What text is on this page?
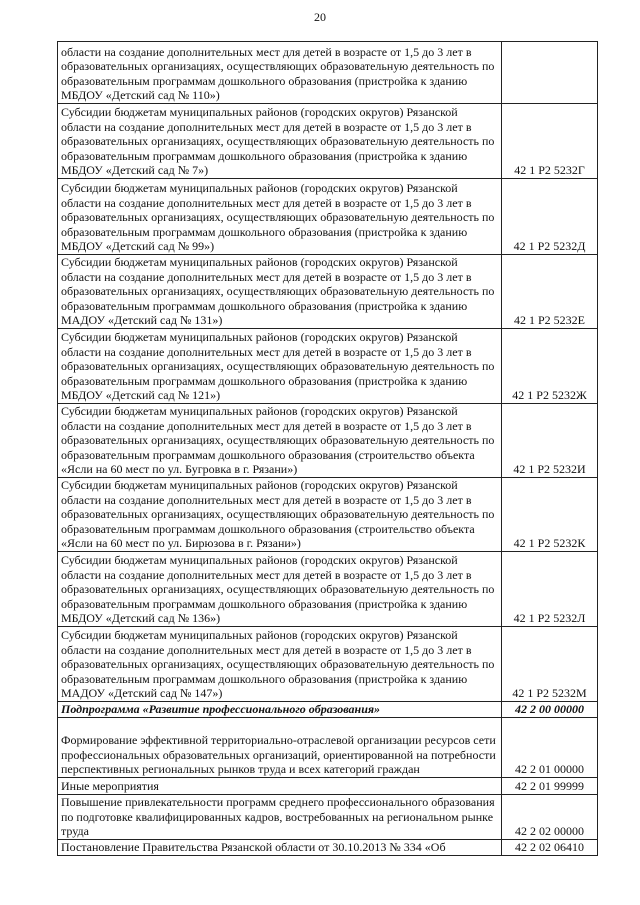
20
области на создание дополнительных мест для детей в возрасте от 1,5 до 3 лет в образовательных организациях, осуществляющих образовательную деятельность по образовательным программам дошкольного образования (пристройка к зданию МБДОУ «Детский сад № 110»)	
Субсидии бюджетам муниципальных районов (городских округов) Рязанской области на создание дополнительных мест для детей в возрасте от 1,5 до 3 лет в образовательных организациях, осуществляющих образовательную деятельность по образовательным программам дошкольного образования (пристройка к зданию МБДОУ «Детский сад № 7»)	42 1 P2 5232Г
Субсидии бюджетам муниципальных районов (городских округов) Рязанской области на создание дополнительных мест для детей в возрасте от 1,5 до 3 лет в образовательных организациях, осуществляющих образовательную деятельность по образовательным программам дошкольного образования (пристройка к зданию МБДОУ «Детский сад № 99»)	42 1 P2 5232Д
Субсидии бюджетам муниципальных районов (городских округов) Рязанской области на создание дополнительных мест для детей в возрасте от 1,5 до 3 лет в образовательных организациях, осуществляющих образовательную деятельность по образовательным программам дошкольного образования (пристройка к зданию МАДОУ «Детский сад № 131»)	42 1 P2 5232Е
Субсидии бюджетам муниципальных районов (городских округов) Рязанской области на создание дополнительных мест для детей в возрасте от 1,5 до 3 лет в образовательных организациях, осуществляющих образовательную деятельность по образовательным программам дошкольного образования (пристройка к зданию МБДОУ «Детский сад № 121»)	42 1 P2 5232Ж
Субсидии бюджетам муниципальных районов (городских округов) Рязанской области на создание дополнительных мест для детей в возрасте от 1,5 до 3 лет в образовательных организациях, осуществляющих образовательную деятельность по образовательным программам дошкольного образования (строительство объекта «Ясли на 60 мест по ул. Бугровка в г. Рязани»)	42 1 P2 5232И
Субсидии бюджетам муниципальных районов (городских округов) Рязанской области на создание дополнительных мест для детей в возрасте от 1,5 до 3 лет в образовательных организациях, осуществляющих образовательную деятельность по образовательным программам дошкольного образования (строительство объекта «Ясли на 60 мест по ул. Бирюзова в г. Рязани»)	42 1 P2 5232К
Субсидии бюджетам муниципальных районов (городских округов) Рязанской области на создание дополнительных мест для детей в возрасте от 1,5 до 3 лет в образовательных организациях, осуществляющих образовательную деятельность по образовательным программам дошкольного образования (пристройка к зданию МБДОУ «Детский сад № 136»)	42 1 P2 5232Л
Субсидии бюджетам муниципальных районов (городских округов) Рязанской области на создание дополнительных мест для детей в возрасте от 1,5 до 3 лет в образовательных организациях, осуществляющих образовательную деятельность по образовательным программам дошкольного образования (пристройка к зданию МАДОУ «Детский сад № 147»)	42 1 P2 5232М
Подпрограмма «Развитие профессионального образования»	42 2 00 00000
Формирование эффективной территориально-отраслевой организации ресурсов сети профессиональных образовательных организаций, ориентированной на потребности перспективных региональных рынков труда и всех категорий граждан	42 2 01 00000
Иные мероприятия	42 2 01 99999
Повышение привлекательности программ среднего профессионального образования по подготовке квалифицированных кадров, востребованных на региональном рынке труда	42 2 02 00000
Постановление Правительства Рязанской области от 30.10.2013 № 334 «Об	42 2 02 06410
